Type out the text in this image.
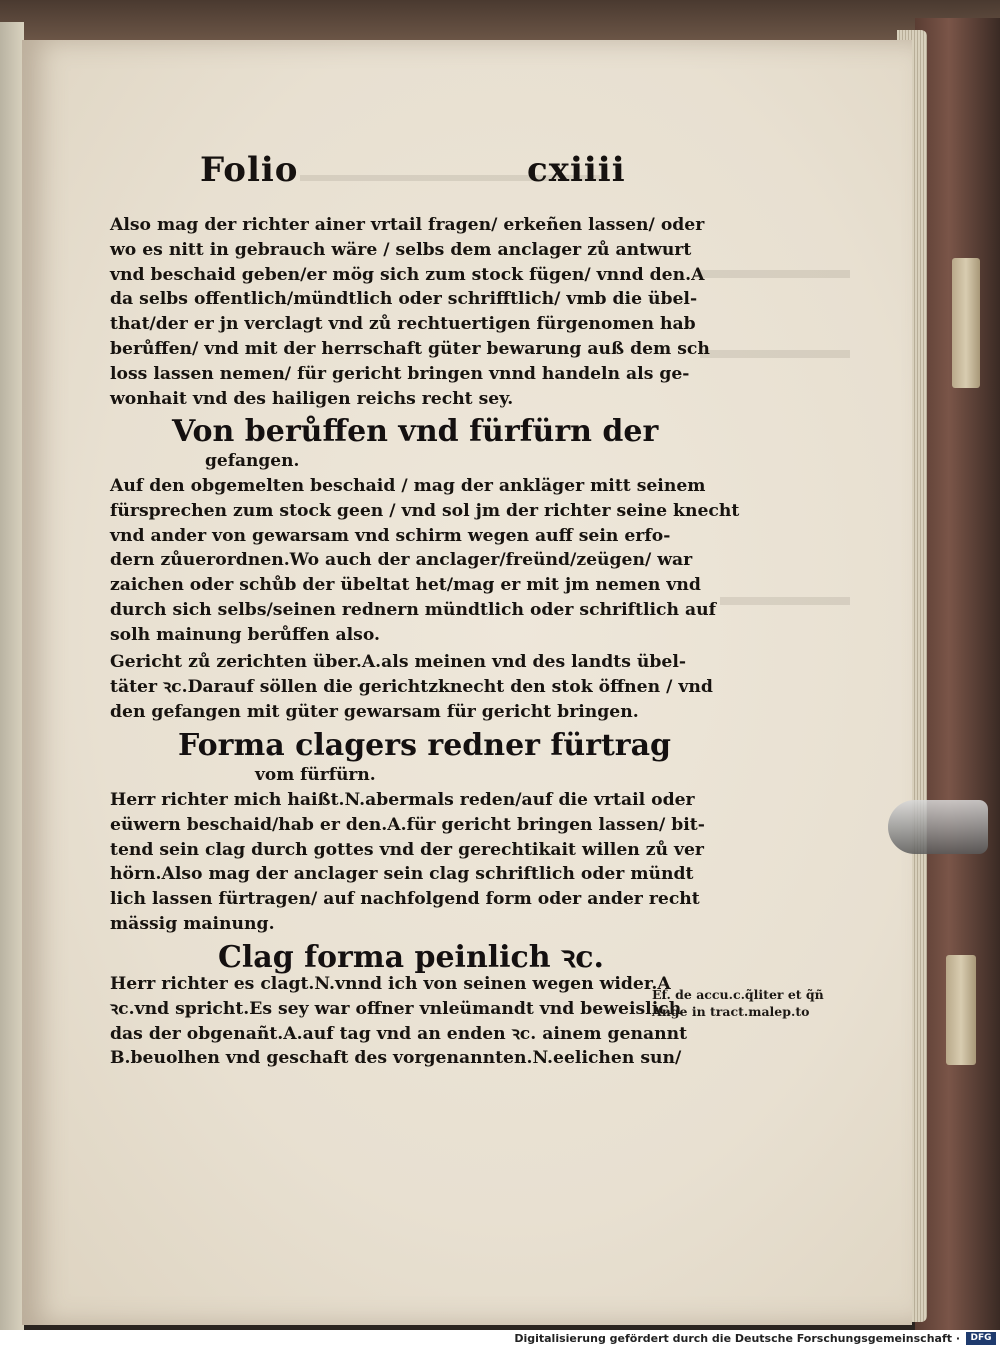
Folio	cxiiii
Also mag der richter ainer vrtail fragen/ erkeñen lassen/ oder
wo es nitt in gebrauch wäre / selbs dem anclager zů antwurt
vnd beschaid geben/er mög sich zum stock fügen/ vnnd den.A
da selbs offentlich/mündtlich oder schrifftlich/ vmb die übel-
that/der er jn verclagt vnd zů rechtuertigen fürgenomen hab
berůffen/ vnd mit der herrschaft güter bewarung auß dem sch
loss lassen nemen/ für gericht bringen vnnd handeln als ge-
wonhait vnd des hailigen reichs recht sey.
Von berůffen vnd fürfürn der
gefangen.
Auf den obgemelten beschaid / mag der ankläger mitt seinem
fürsprechen zum stock geen / vnd sol jm der richter seine knecht
vnd ander von gewarsam vnd schirm wegen auff sein erfo-
dern zůuerordnen.Wo auch der anclager/freünd/zeügen/ war
zaichen oder schůb der übeltat het/mag er mit jm nemen vnd
durch sich selbs/seinen rednern mündtlich oder schriftlich auf
solh mainung berůffen also.
Gericht zů zerichten über.A.als meinen vnd des landts übel-
täter ꝛc.Darauf söllen die gerichtzknecht den stok öffnen / vnd
den gefangen mit güter gewarsam für gericht bringen.
Forma clagers redner fürtrag
vom fürfürn.
Herr richter mich haißt.N.abermals reden/auf die vrtail oder
eüwern beschaid/hab er den.A.für gericht bringen lassen/ bit-
tend sein clag durch gottes vnd der gerechtikait willen zů ver
hörn.Also mag der anclager sein clag schriftlich oder mündt
lich lassen fürtragen/ auf nachfolgend form oder ander recht
mässig mainung.
Clag forma peinlich ꝛc.
Herr richter es clagt.N.vnnd ich von seinen wegen wider.A
ꝛc.vnd spricht.Es sey war offner vnleümandt vnd beweislich
das der obgenañt.A.auf tag vnd an enden ꝛc. ainem genannt
B.beuolhen vnd geschaft des vorgenannten.N.eelichen sun/
Ef. de accu.c.q̃liter et q̃ñ
Ange in tract.malep.to
Digitalisierung gefördert durch die Deutsche Forschungsgemeinschaft ·	DFG
